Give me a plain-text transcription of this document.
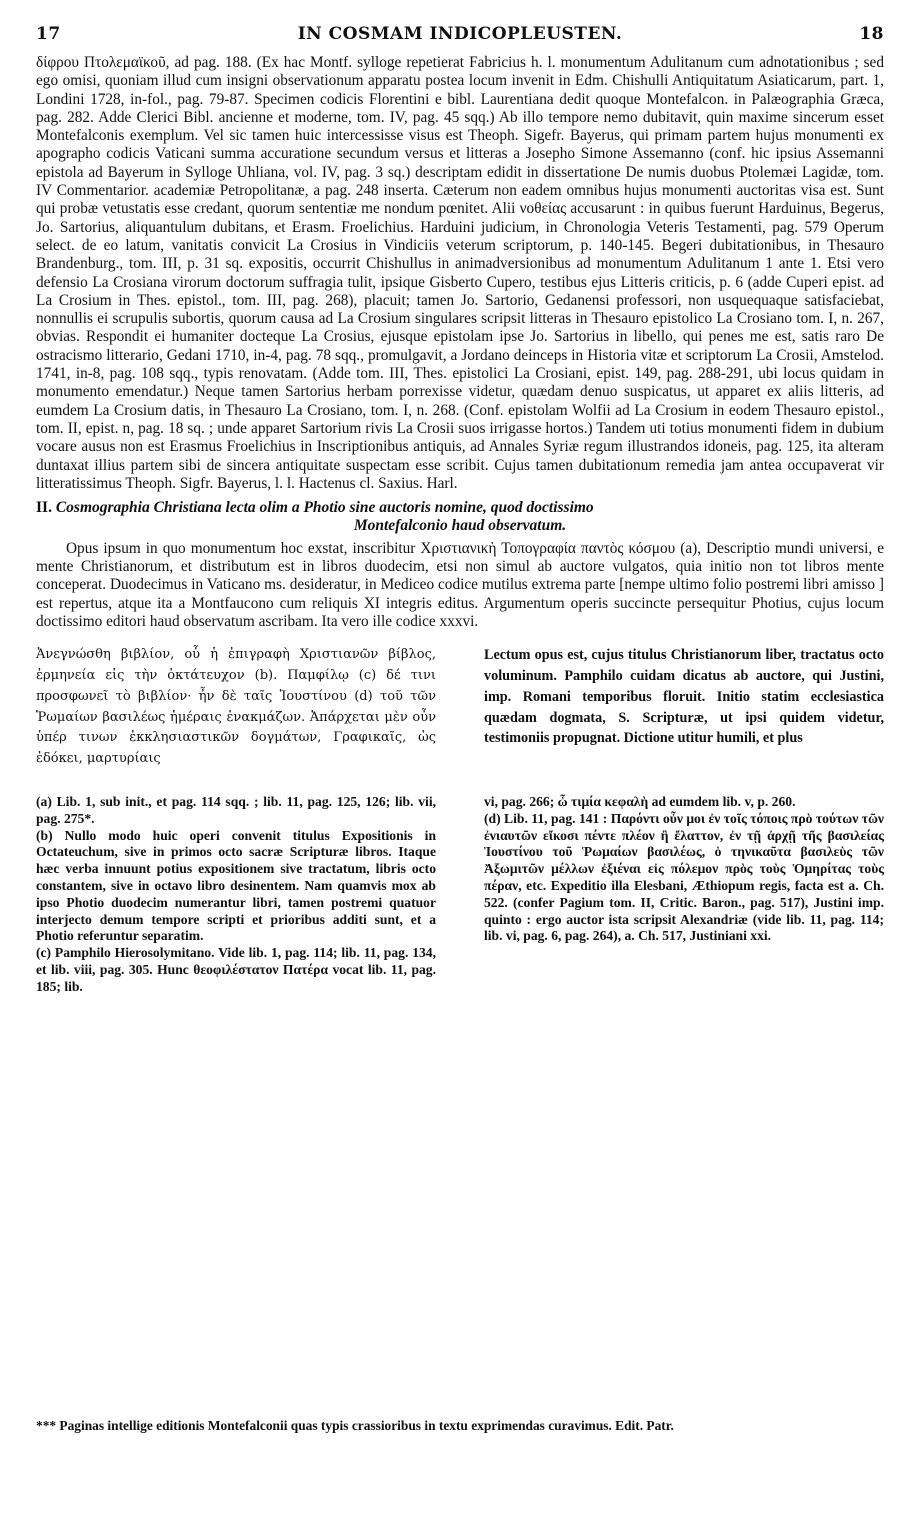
17	IN COSMAM INDICOPLEUSTEN.	18

δίφρου Πτολεμαϊκοῦ, ad pag. 188. (Ex hac Montf. sylloge repetierat Fabricius h. l. monumentum Adulitanum cum adnotationibus ; sed ego omisi, quoniam illud cum insigni observationum apparatu postea locum invenit in Edm. Chishulli Antiquitatum Asiaticarum, part. 1, Londini 1728, in-fol., pag. 79-87. Specimen codicis Florentini e bibl. Laurentiana dedit quoque Montefalcon. in Palæographia Græca, pag. 282. Adde Clerici Bibl. ancienne et moderne, tom. IV, pag. 45 sqq.) Ab illo tempore nemo dubitavit, quin maxime sincerum esset Montefalconis exemplum. Vel sic tamen huic intercessisse visus est Theoph. Sigefr. Bayerus, qui primam partem hujus monumenti ex apographo codicis Vaticani summa accuratione secundum versus et litteras a Josepho Simone Assemanno (conf. hic ipsius Assemanni epistola ad Bayerum in Sylloge Uhliana, vol. IV, pag. 3 sq.) descriptam edidit in dissertatione De numis duobus Ptolemæi Lagidæ, tom. IV Commentarior. academiæ Petropolitanæ, a pag. 248 inserta. Cæterum non eadem omnibus hujus monumenti auctoritas visa est. Sunt qui probæ vetustatis esse credant, quorum sententiæ me nondum pœnitet. Alii νοθείας accusarunt : in quibus fuerunt Harduinus, Begerus, Jo. Sartorius, aliquantulum dubitans, et Erasm. Froelichius. Harduini judicium, in Chronologia Veteris Testamenti, pag. 579 Operum select. de eo latum, vanitatis convicit La Crosius in Vindiciis veterum scriptorum, p. 140-145. Begeri dubitationibus, in Thesauro Brandenburg., tom. III, p. 31 sq. expositis, occurrit Chishullus in animadversionibus ad monumentum Adulitanum 1 ante 1. Etsi vero defensio La Crosiana virorum doctorum suffragia tulit, ipsique Gisberto Cupero, testibus ejus Litteris criticis, p. 6 (adde Cuperi epist. ad La Crosium in Thes. epistol., tom. III, pag. 268), placuit; tamen Jo. Sartorio, Gedanensi professori, non usquequaque satisfaciebat, nonnullis ei scrupulis subortis, quorum causa ad La Crosium singulares scripsit litteras in Thesauro epistolico La Crosiano tom. I, n. 267, obvias. Respondit ei humaniter docteque La Crosius, ejusque epistolam ipse Jo. Sartorius in libello, qui penes me est, satis raro De ostracismo litterario, Gedani 1710, in-4, pag. 78 sqq., promulgavit, a Jordano deinceps in Historia vitæ et scriptorum La Crosii, Amstelod. 1741, in-8, pag. 108 sqq., typis renovatam. (Adde tom. III, Thes. epistolici La Crosiani, epist. 149, pag. 288-291, ubi locus quidam in monumento emendatur.) Neque tamen Sartorius herbam porrexisse videtur, quædam denuo suspicatus, ut apparet ex aliis litteris, ad eumdem La Crosium datis, in Thesauro La Crosiano, tom. I, n. 268. (Conf. epistolam Wolfii ad La Crosium in eodem Thesauro epistol., tom. II, epist. n, pag. 18 sq. ; unde apparet Sartorium rivis La Crosii suos irrigasse hortos.) Tandem uti totius monumenti fidem in dubium vocare ausus non est Erasmus Froelichius in Inscriptionibus antiquis, ad Annales Syriæ regum illustrandos idoneis, pag. 125, ita alteram duntaxat illius partem sibi de sincera antiquitate suspectam esse scribit. Cujus tamen dubitationum remedia jam antea occupaverat vir litteratissimus Theoph. Sigfr. Bayerus, l. l. Hactenus cl. Saxius. Harl.

II. Cosmographia Christiana lecta olim a Photio sine auctoris nomine, quod doctissimo
Montefalconio haud observatum.

Opus ipsum in quo monumentum hoc exstat, inscribitur Χριστιανικὴ Τοπογραφία παντὸς κόσμου (a), Descriptio mundi universi, e mente Christianorum, et distributum est in libros duodecim, etsi non simul ab auctore vulgatos, quia initio non tot libros mente conceperat. Duodecimus in Vaticano ms. desideratur, in Mediceo codice mutilus extrema parte [nempe ultimo folio postremi libri amisso ] est repertus, atque ita a Montfaucono cum reliquis XI integris editus. Argumentum operis succincte persequitur Photius, cujus locum doctissimo editori haud observatum ascribam. Ita vero ille codice xxxvi.

Ἀνεγνώσθη βιβλίον, οὗ ἡ ἐπιγραφὴ Χριστιανῶν βίβλος, ἑρμηνεία εἰς τὴν ὀκτάτευχον (b). Παμφίλῳ (c) δέ τινι προσφωνεῖ τὸ βιβλίον· ἦν δὲ ταῖς Ἰουστίνου (d) τοῦ τῶν Ῥωμαίων βασιλέως ἡμέραις ἐνακμάζων. Ἀπάρχεται μὲν οὖν ὑπέρ τινων ἐκκλησιαστικῶν δογμάτων, Γραφικαῖς, ὡς ἐδόκει, μαρτυρίαις
Lectum opus est, cujus titulus Christianorum liber, tractatus octo voluminum. Pamphilo cuidam dicatus ab auctore, qui Justini, imp. Romani temporibus floruit. Initio statim ecclesiastica quædam dogmata, S. Scripturæ, ut ipsi quidem videtur, testimoniis propugnat. Dictione utitur humili, et plus

(a) Lib. 1, sub init., et pag. 114 sqq. ; lib. 11, pag. 125, 126; lib. vii, pag. 275*.

(b) Nullo modo huic operi convenit titulus Expositionis in Octateuchum, sive in primos octo sacræ Scripturæ libros. Itaque hæc verba innuunt potius expositionem sive tractatum, libris octo constantem, sive in octavo libro desinentem. Nam quamvis mox ab ipso Photio duodecim numerantur libri, tamen postremi quatuor interjecto demum tempore scripti et prioribus additi sunt, et a Photio referuntur separatim.

(c) Pamphilo Hierosolymitano. Vide lib. 1, pag. 114; lib. 11, pag. 134, et lib. viii, pag. 305. Hunc θεοφιλέστατον Πατέρα vocat lib. 11, pag. 185; lib.

vi, pag. 266; ὦ τιμία κεφαλὴ ad eumdem lib. v, p. 260.

(d) Lib. 11, pag. 141 : Παρόντι οὖν μοι ἐν τοῖς τόποις πρὸ τούτων τῶν ἐνιαυτῶν εἴκοσι πέντε πλέον ἢ ἔλαττον, ἐν τῇ ἀρχῇ τῆς βασιλείας Ἰουστίνου τοῦ Ῥωμαίων βασιλέως, ὁ τηνικαῦτα βασιλεὺς τῶν Ἀξωμιτῶν μέλλων ἐξιέναι εἰς πόλεμον πρὸς τοὺς Ὁμηρίτας τοὺς πέραν, etc. Expeditio illa Elesbani, Æthiopum regis, facta est a. Ch. 522. (confer Pagium tom. II, Critic. Baron., pag. 517), Justini imp. quinto : ergo auctor ista scripsit Alexandriæ (vide lib. 11, pag. 114; lib. vi, pag. 6, pag. 264), a. Ch. 517, Justiniani xxi.

*** Paginas intellige editionis Montefalconii quas typis crassioribus in textu exprimendas curavimus. Edit. Patr.
